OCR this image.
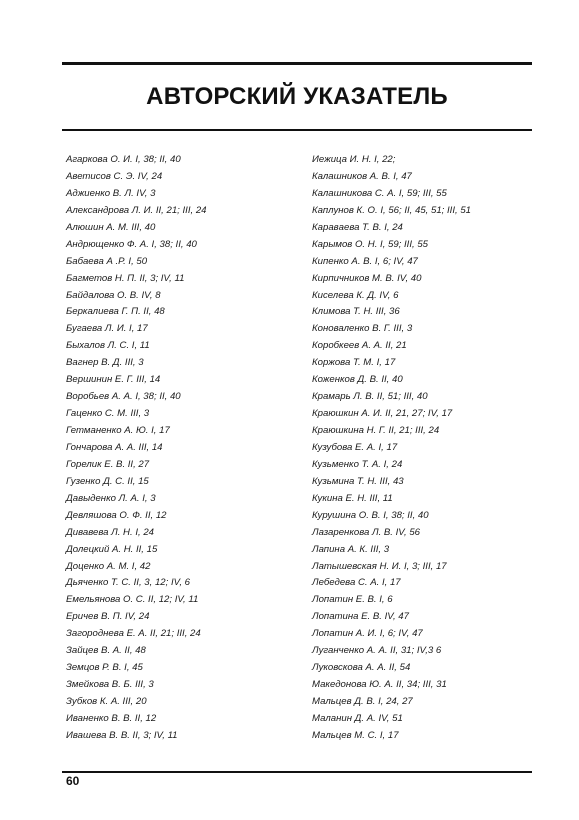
АВТОРСКИЙ УКАЗАТЕЛЬ
Агаркова О. И. I, 38; II, 40
Аветисов С. Э. IV, 24
Аджиенко В. Л. IV, 3
Александрова Л. И. II, 21; III, 24
Алюшин А. М. III, 40
Андрющенко Ф. А. I, 38; II, 40
Бабаева А .Р. I, 50
Багметов Н. П. II, 3; IV, 11
Байдалова О. В. IV, 8
Беркалиева Г. П. II, 48
Бугаева Л. И. I, 17
Быхалов Л. С. I, 11
Вагнер В. Д. III, 3
Вершинин Е. Г. III, 14
Воробьев А. А. I, 38; II, 40
Гаценко С. М. III, 3
Гетманенко А. Ю. I, 17
Гончарова А. А. III, 14
Горелик Е. В. II, 27
Гузенко Д. С. II, 15
Давыденко Л. А. I, 3
Девляшова О. Ф. II, 12
Дивавева Л. Н. I, 24
Долецкий А. Н. II, 15
Доценко А. М. I, 42
Дьяченко Т. С. II, 3, 12; IV, 6
Емельянова О. С. II, 12; IV, 11
Еричев В. П. IV, 24
Загороднева Е. А. II, 21; III, 24
Зайцев В. А. II, 48
Земцов Р. В. I, 45
Змейкова В. Б. III, 3
Зубков К. А. III, 20
Иваненко В. В. II, 12
Ивашева В. В. II, 3; IV, 11
Иежица И. Н. I, 22;
Калашников А. В. I, 47
Калашникова С. А. I, 59; III, 55
Каплунов К. О. I, 56; II, 45, 51; III, 51
Каравaева Т. В. I, 24
Карымов О. Н. I, 59; III, 55
Кипенко А. В. I, 6; IV, 47
Кирпичников М. В. IV, 40
Киселева К. Д. IV, 6
Климова Т. Н. III, 36
Коноваленко В. Г. III, 3
Коробкеев А. А. II, 21
Коржова Т. М. I, 17
Коженков Д. В. II, 40
Крамарь Л. В. II, 51; III, 40
Краюшкин А. И. II, 21, 27; IV, 17
Краюшкина Н. Г. II, 21; III, 24
Кузубова Е. А. I, 17
Кузьменко Т. А. I, 24
Кузьмина Т. Н. III, 43
Кукина Е. Н. III, 11
Курушина О. В. I, 38; II, 40
Лазаренкова Л. В. IV, 56
Лапина А. К. III, 3
Латышевская Н. И. I, 3; III, 17
Лебедева С. А. I, 17
Лопатин Е. В. I, 6
Лопатина Е. В. IV, 47
Лопатин А. И. I, 6; IV, 47
Луганченко А. А. II, 31; IV,3 6
Луковскова А. А. II, 54
Македонова Ю. А. II, 34; III, 31
Мальцев Д. В. I, 24, 27
Маланин Д. А. IV, 51
Мальцев М. С. I, 17
60
